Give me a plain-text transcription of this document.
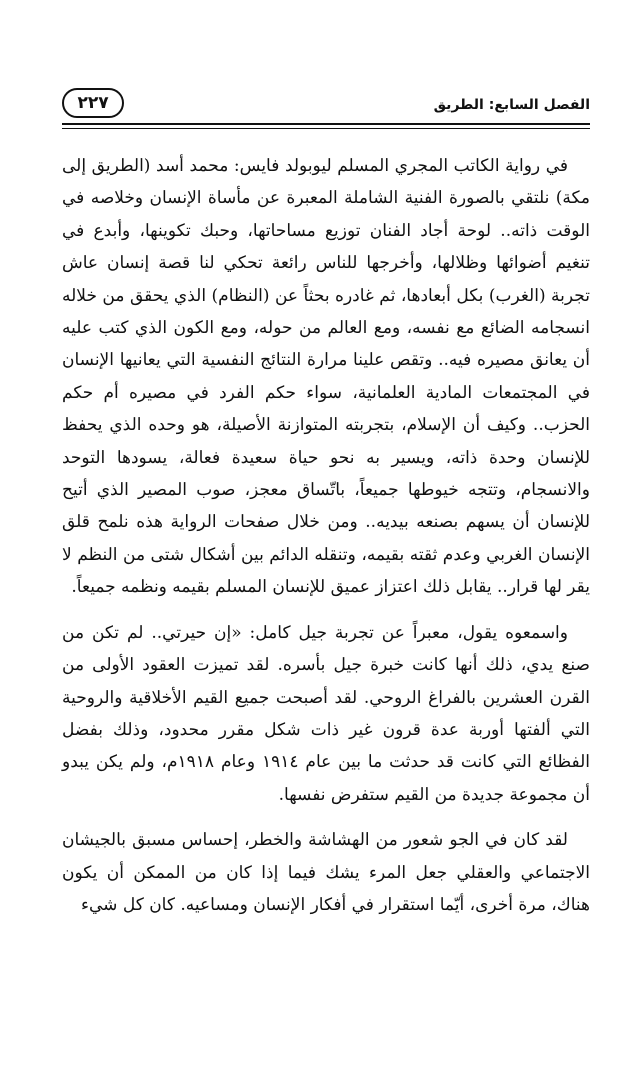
الفصل السابع: الطريق
٢٢٧

في رواية الكاتب المجري المسلم ليوبولد فايس: محمد أسد (الطريق إلى مكة) نلتقي بالصورة الفنية الشاملة المعبرة عن مأساة الإنسان وخلاصه في الوقت ذاته.. لوحة أجاد الفنان توزيع مساحاتها، وحبك تكوينها، وأبدع في تنغيم أضوائها وظلالها، وأخرجها للناس رائعة تحكي لنا قصة إنسان عاش تجربة (الغرب) بكل أبعادها، ثم غادره بحثاً عن (النظام) الذي يحقق من خلاله انسجامه الضائع مع نفسه، ومع العالم من حوله، ومع الكون الذي كتب عليه أن يعانق مصيره فيه.. وتقص علينا مرارة النتائج النفسية التي يعانيها الإنسان في المجتمعات المادية العلمانية، سواء حكم الفرد في مصيره أم حكم الحزب.. وكيف أن الإسلام، بتجربته المتوازنة الأصيلة، هو وحده الذي يحفظ للإنسان وحدة ذاته، ويسير به نحو حياة سعيدة فعالة، يسودها التوحد والانسجام، وتتجه خيوطها جميعاً، باتّساق معجز، صوب المصير الذي أتيح للإنسان أن يسهم بصنعه بيديه.. ومن خلال صفحات الرواية هذه نلمح قلق الإنسان الغربي وعدم ثقته بقيمه، وتنقله الدائم بين أشكال شتى من النظم لا يقر لها قرار.. يقابل ذلك اعتزاز عميق للإنسان المسلم بقيمه ونظمه جميعاً.

واسمعوه يقول، معبراً عن تجربة جيل كامل: «إن حيرتي.. لم تكن من صنع يدي، ذلك أنها كانت خبرة جيل بأسره. لقد تميزت العقود الأولى من القرن العشرين بالفراغ الروحي. لقد أصبحت جميع القيم الأخلاقية والروحية التي ألفتها أوربة عدة قرون غير ذات شكل مقرر محدود، وذلك بفضل الفظائع التي كانت قد حدثت ما بين عام ١٩١٤ وعام ١٩١٨م، ولم يكن يبدو أن مجموعة جديدة من القيم ستفرض نفسها.

لقد كان في الجو شعور من الهشاشة والخطر، إحساس مسبق بالجيشان الاجتماعي والعقلي جعل المرء يشك فيما إذا كان من الممكن أن يكون هناك، مرة أخرى، أيّما استقرار في أفكار الإنسان ومساعيه. كان كل شيء
